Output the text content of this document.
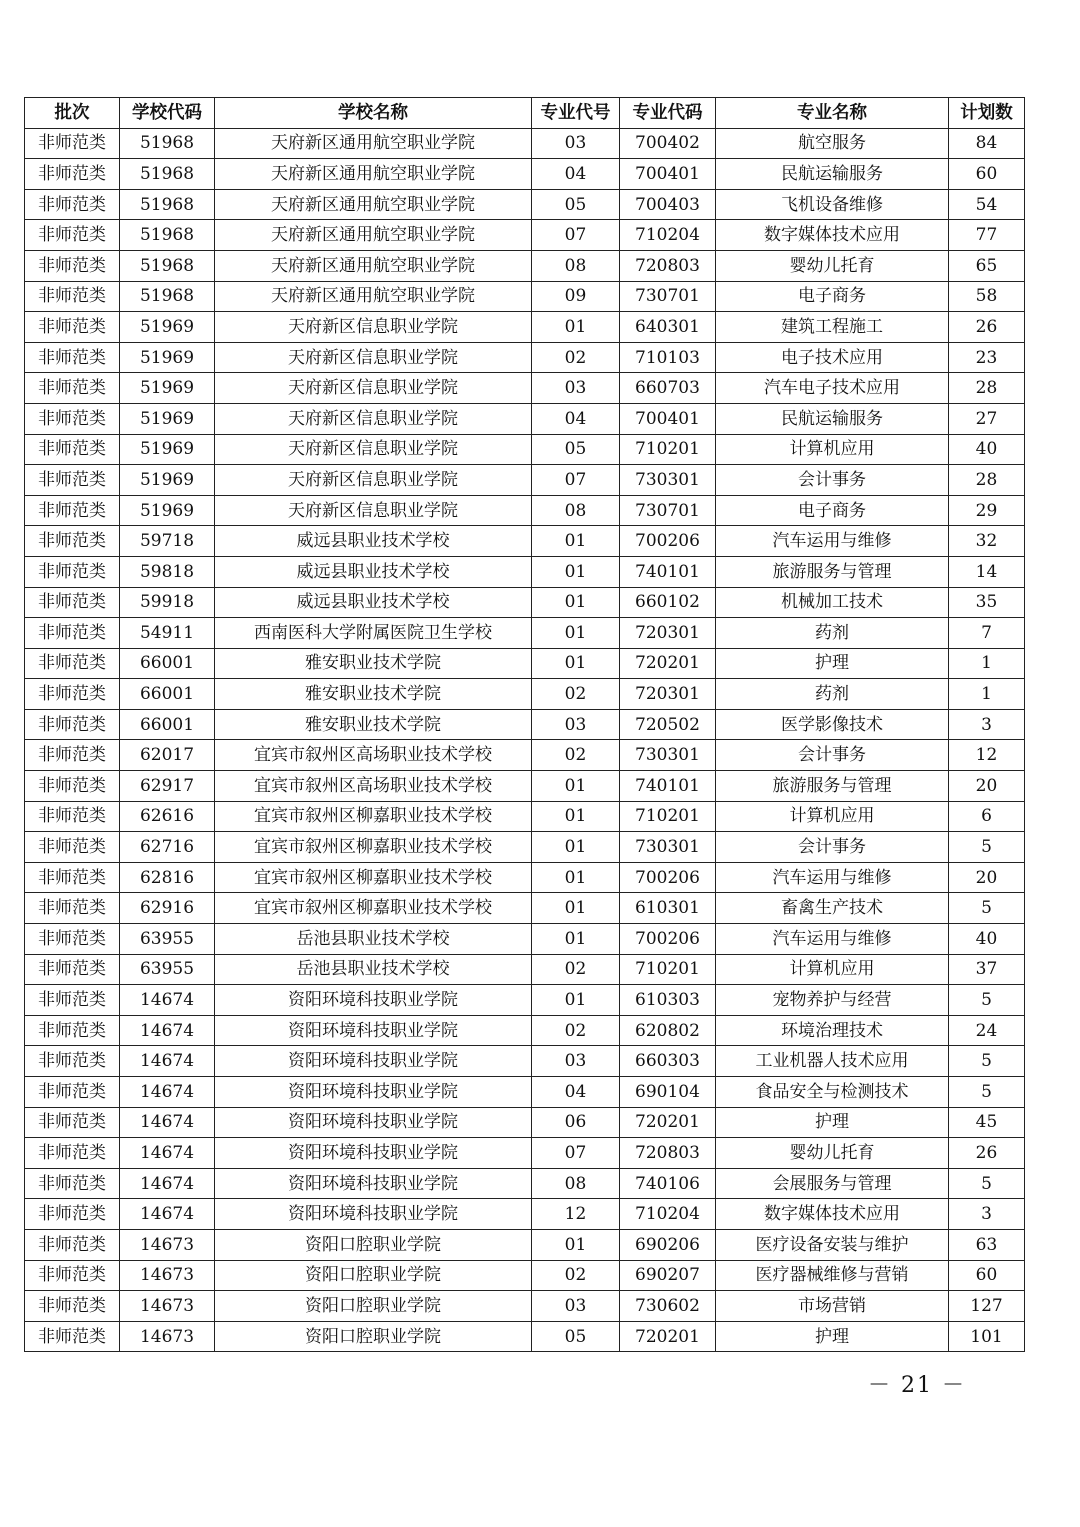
批次	学校代码	学校名称	专业代号	专业代码	专业名称	计划数
非师范类	51968	天府新区通用航空职业学院	03	700402	航空服务	84
非师范类	51968	天府新区通用航空职业学院	04	700401	民航运输服务	60
非师范类	51968	天府新区通用航空职业学院	05	700403	飞机设备维修	54
非师范类	51968	天府新区通用航空职业学院	07	710204	数字媒体技术应用	77
非师范类	51968	天府新区通用航空职业学院	08	720803	婴幼儿托育	65
非师范类	51968	天府新区通用航空职业学院	09	730701	电子商务	58
非师范类	51969	天府新区信息职业学院	01	640301	建筑工程施工	26
非师范类	51969	天府新区信息职业学院	02	710103	电子技术应用	23
非师范类	51969	天府新区信息职业学院	03	660703	汽车电子技术应用	28
非师范类	51969	天府新区信息职业学院	04	700401	民航运输服务	27
非师范类	51969	天府新区信息职业学院	05	710201	计算机应用	40
非师范类	51969	天府新区信息职业学院	07	730301	会计事务	28
非师范类	51969	天府新区信息职业学院	08	730701	电子商务	29
非师范类	59718	威远县职业技术学校	01	700206	汽车运用与维修	32
非师范类	59818	威远县职业技术学校	01	740101	旅游服务与管理	14
非师范类	59918	威远县职业技术学校	01	660102	机械加工技术	35
非师范类	54911	西南医科大学附属医院卫生学校	01	720301	药剂	7
非师范类	66001	雅安职业技术学院	01	720201	护理	1
非师范类	66001	雅安职业技术学院	02	720301	药剂	1
非师范类	66001	雅安职业技术学院	03	720502	医学影像技术	3
非师范类	62017	宜宾市叙州区高场职业技术学校	02	730301	会计事务	12
非师范类	62917	宜宾市叙州区高场职业技术学校	01	740101	旅游服务与管理	20
非师范类	62616	宜宾市叙州区柳嘉职业技术学校	01	710201	计算机应用	6
非师范类	62716	宜宾市叙州区柳嘉职业技术学校	01	730301	会计事务	5
非师范类	62816	宜宾市叙州区柳嘉职业技术学校	01	700206	汽车运用与维修	20
非师范类	62916	宜宾市叙州区柳嘉职业技术学校	01	610301	畜禽生产技术	5
非师范类	63955	岳池县职业技术学校	01	700206	汽车运用与维修	40
非师范类	63955	岳池县职业技术学校	02	710201	计算机应用	37
非师范类	14674	资阳环境科技职业学院	01	610303	宠物养护与经营	5
非师范类	14674	资阳环境科技职业学院	02	620802	环境治理技术	24
非师范类	14674	资阳环境科技职业学院	03	660303	工业机器人技术应用	5
非师范类	14674	资阳环境科技职业学院	04	690104	食品安全与检测技术	5
非师范类	14674	资阳环境科技职业学院	06	720201	护理	45
非师范类	14674	资阳环境科技职业学院	07	720803	婴幼儿托育	26
非师范类	14674	资阳环境科技职业学院	08	740106	会展服务与管理	5
非师范类	14674	资阳环境科技职业学院	12	710204	数字媒体技术应用	3
非师范类	14673	资阳口腔职业学院	01	690206	医疗设备安装与维护	63
非师范类	14673	资阳口腔职业学院	02	690207	医疗器械维修与营销	60
非师范类	14673	资阳口腔职业学院	03	730602	市场营销	127
非师范类	14673	资阳口腔职业学院	05	720201	护理	101
－ 21 －
